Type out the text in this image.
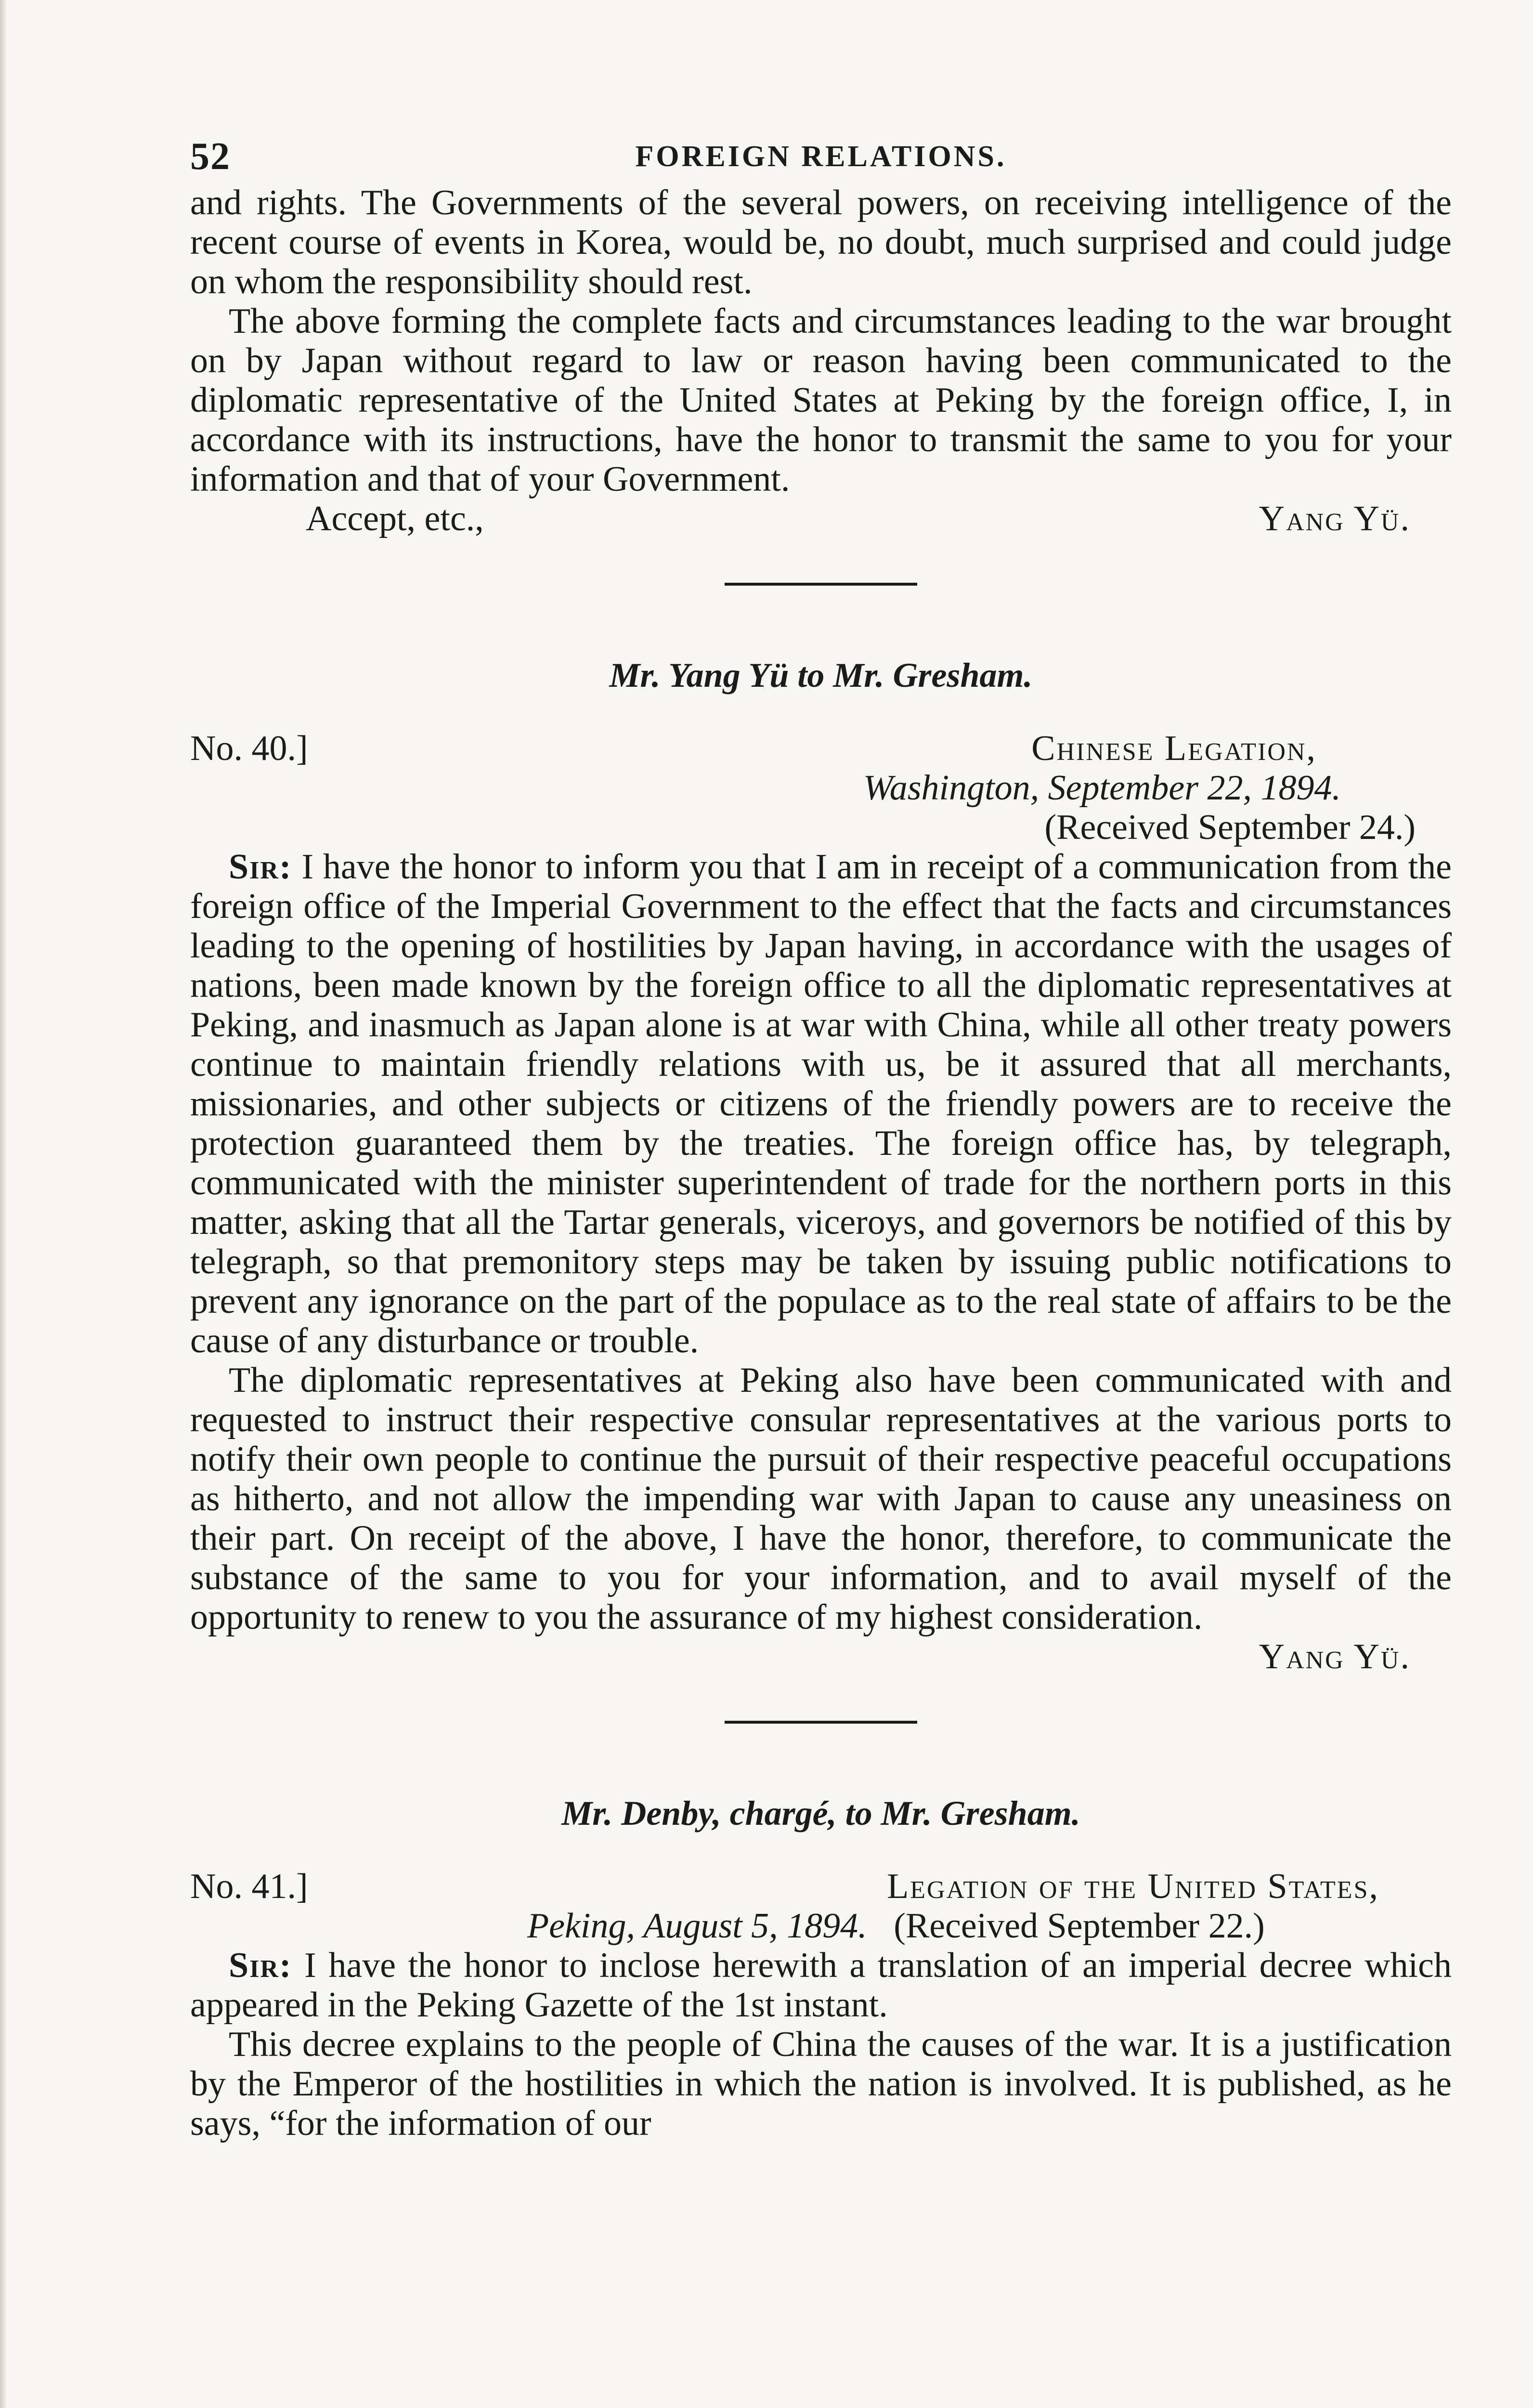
52	FOREIGN RELATIONS.

and rights. The Governments of the several powers, on receiving intelligence of the recent course of events in Korea, would be, no doubt, much surprised and could judge on whom the responsibility should rest.

The above forming the complete facts and circumstances leading to the war brought on by Japan without regard to law or reason having been communicated to the diplomatic representative of the United States at Peking by the foreign office, I, in accordance with its instructions, have the honor to transmit the same to you for your information and that of your Government.

Accept, etc.,	Yang Yü.
Mr. Yang Yü to Mr. Gresham.
No. 40.]	Chinese Legation,
Washington, September 22, 1894.
(Received September 24.)

Sir: I have the honor to inform you that I am in receipt of a communication from the foreign office of the Imperial Government to the effect that the facts and circumstances leading to the opening of hostilities by Japan having, in accordance with the usages of nations, been made known by the foreign office to all the diplomatic representatives at Peking, and inasmuch as Japan alone is at war with China, while all other treaty powers continue to maintain friendly relations with us, be it assured that all merchants, missionaries, and other subjects or citizens of the friendly powers are to receive the protection guaranteed them by the treaties. The foreign office has, by telegraph, communicated with the minister superintendent of trade for the northern ports in this matter, asking that all the Tartar generals, viceroys, and governors be notified of this by telegraph, so that premonitory steps may be taken by issuing public notifications to prevent any ignorance on the part of the populace as to the real state of affairs to be the cause of any disturbance or trouble.

The diplomatic representatives at Peking also have been communicated with and requested to instruct their respective consular representatives at the various ports to notify their own people to continue the pursuit of their respective peaceful occupations as hitherto, and not allow the impending war with Japan to cause any uneasiness on their part. On receipt of the above, I have the honor, therefore, to communicate the substance of the same to you for your information, and to avail myself of the opportunity to renew to you the assurance of my highest consideration.

Yang Yü.
Mr. Denby, chargé, to Mr. Gresham.
No. 41.]	Legation of the United States,
Peking, August 5, 1894. (Received September 22.)

Sir: I have the honor to inclose herewith a translation of an imperial decree which appeared in the Peking Gazette of the 1st instant.

This decree explains to the people of China the causes of the war. It is a justification by the Emperor of the hostilities in which the nation is involved. It is published, as he says, “for the information of our
